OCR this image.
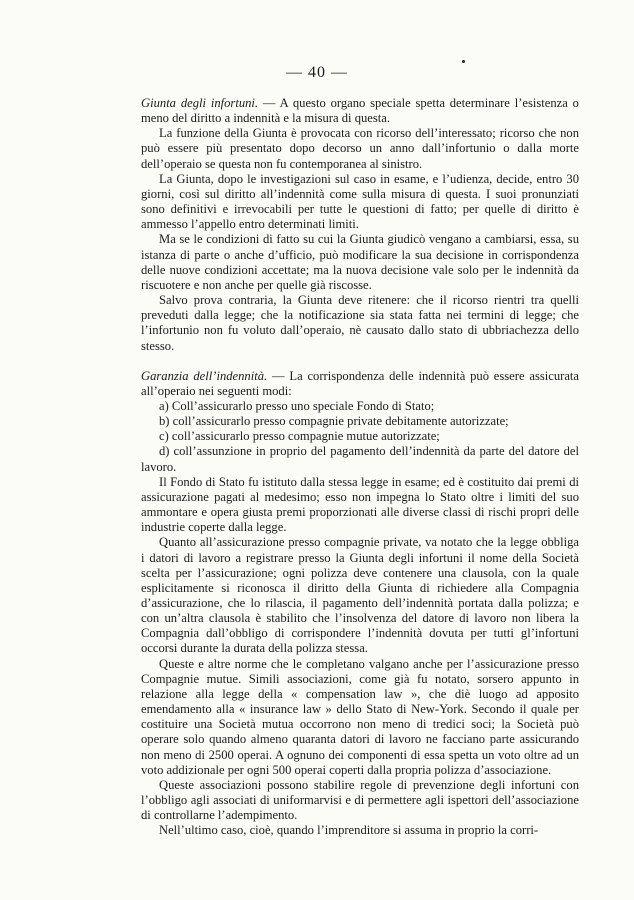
— 40 —

Giunta degli infortuni. — A questo organo speciale spetta determinare l’esistenza o meno del diritto a indennità e la misura di questa.

La funzione della Giunta è provocata con ricorso dell’interessato; ricorso che non può essere più presentato dopo decorso un anno dall’infortunio o dalla morte dell’operaio se questa non fu contemporanea al sinistro.

La Giunta, dopo le investigazioni sul caso in esame, e l’udienza, decide, entro 30 giorni, così sul diritto all’indennità come sulla misura di questa. I suoi pronunziati sono definitivi e irrevocabili per tutte le questioni di fatto; per quelle di diritto è ammesso l’appello entro determinati limiti.

Ma se le condizioni di fatto su cui la Giunta giudicò vengano a cambiarsi, essa, su istanza di parte o anche d’ufficio, può modificare la sua decisione in corrispondenza delle nuove condizioni accettate; ma la nuova decisione vale solo per le indennità da riscuotere e non anche per quelle già riscosse.

Salvo prova contraria, la Giunta deve ritenere: che il ricorso rientri tra quelli preveduti dalla legge; che la notificazione sia stata fatta nei termini di legge; che l’infortunio non fu voluto dall’operaio, nè causato dallo stato di ubbriachezza dello stesso.

Garanzia dell’indennità. — La corrispondenza delle indennità può essere assicurata all’operaio nei seguenti modi:

a) Coll’assicurarlo presso uno speciale Fondo di Stato;

b) coll’assicurarlo presso compagnie private debitamente autorizzate;

c) coll’assicurarlo presso compagnie mutue autorizzate;

d) coll’assunzione in proprio del pagamento dell’indennità da parte del datore del lavoro.

Il Fondo di Stato fu istituto dalla stessa legge in esame; ed è costituito dai premi di assicurazione pagati al medesimo; esso non impegna lo Stato oltre i limiti del suo ammontare e opera giusta premi proporzionati alle diverse classi di rischi propri delle industrie coperte dalla legge.

Quanto all’assicurazione presso compagnie private, va notato che la legge obbliga i datori di lavoro a registrare presso la Giunta degli infortuni il nome della Società scelta per l’assicurazione; ogni polizza deve contenere una clausola, con la quale esplicitamente si riconosca il diritto della Giunta di richiedere alla Compagnia d’assicurazione, che lo rilascia, il pagamento dell’indennità portata dalla polizza; e con un’altra clausola è stabilito che l’insolvenza del datore di lavoro non libera la Compagnia dall’obbligo di corrispondere l’indennità dovuta per tutti gl’infortuni occorsi durante la durata della polizza stessa.

Queste e altre norme che le completano valgano anche per l’assicurazione presso Compagnie mutue. Simili associazioni, come già fu notato, sorsero appunto in relazione alla legge della « compensation law », che diè luogo ad apposito emendamento alla « insurance law » dello Stato di New-York. Secondo il quale per costituire una Società mutua occorrono non meno di tredici soci; la Società può operare solo quando almeno quaranta datori di lavoro ne facciano parte assicurando non meno di 2500 operai. A ognuno dei componenti di essa spetta un voto oltre ad un voto addizionale per ogni 500 operai coperti dalla propria polizza d’associazione.

Queste associazioni possono stabilire regole di prevenzione degli infortuni con l’obbligo agli associati di uniformarvisi e di permettere agli ispettori dell’associazione di controllarne l’adempimento.

Nell’ultimo caso, cioè, quando l’imprenditore si assuma in proprio la corri-
